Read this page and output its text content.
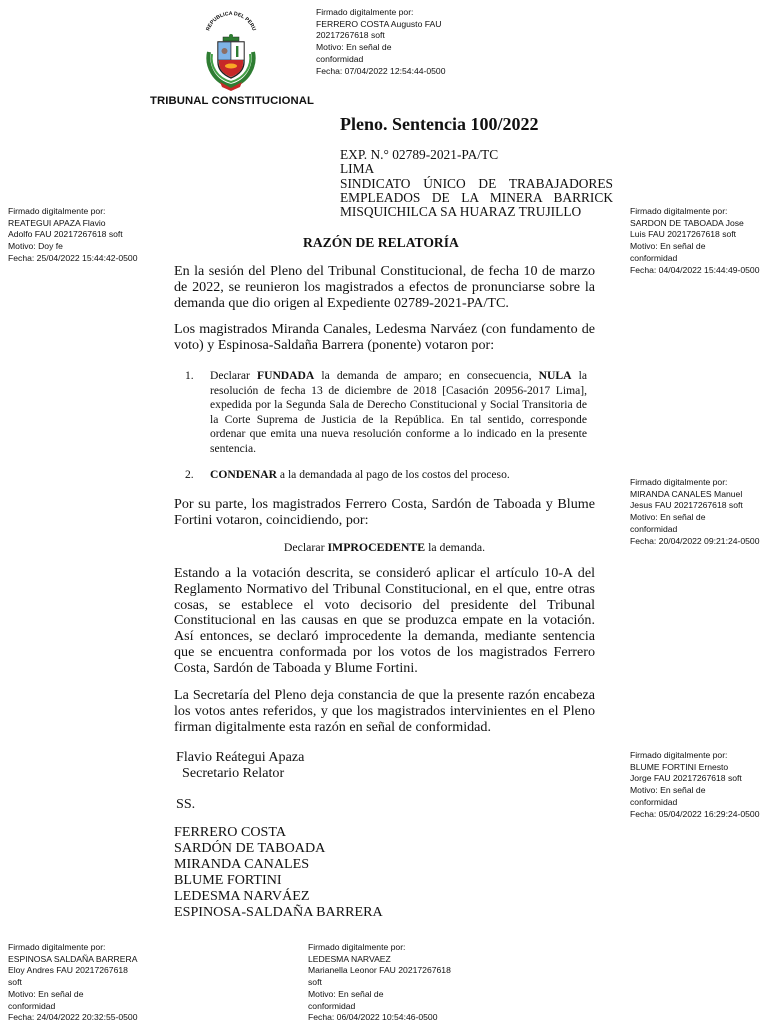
REPUBLICA DEL PERU
TRIBUNAL CONSTITUCIONAL
Firmado digitalmente por:
FERRERO COSTA Augusto FAU
20217267618 soft
Motivo: En señal de
conformidad
Fecha: 07/04/2022 12:54:44-0500
Firmado digitalmente por:
REATEGUI APAZA Flavio
Adolfo FAU 20217267618 soft
Motivo: Doy fe
Fecha: 25/04/2022 15:44:42-0500
Firmado digitalmente por:
SARDON DE TABOADA Jose
Luis FAU 20217267618 soft
Motivo: En señal de
conformidad
Fecha: 04/04/2022 15:44:49-0500
Firmado digitalmente por:
MIRANDA CANALES Manuel
Jesus FAU 20217267618 soft
Motivo: En señal de
conformidad
Fecha: 20/04/2022 09:21:24-0500
Firmado digitalmente por:
BLUME FORTINI Ernesto
Jorge FAU 20217267618 soft
Motivo: En señal de
conformidad
Fecha: 05/04/2022 16:29:24-0500
Firmado digitalmente por:
ESPINOSA SALDAÑA BARRERA
Eloy Andres FAU 20217267618
soft
Motivo: En señal de
conformidad
Fecha: 24/04/2022 20:32:55-0500
Firmado digitalmente por:
LEDESMA NARVAEZ
Marianella Leonor FAU 20217267618
soft
Motivo: En señal de
conformidad
Fecha: 06/04/2022 10:54:46-0500
Pleno. Sentencia 100/2022
EXP. N.° 02789-2021-PA/TC
LIMA
SINDICATO ÚNICO DE TRABAJADORES
EMPLEADOS DE LA MINERA BARRICK
MISQUICHILCA SA HUARAZ TRUJILLO
RAZÓN DE RELATORÍA

En la sesión del Pleno del Tribunal Constitucional, de fecha 10 de marzo de 2022, se reunieron los magistrados a efectos de pronunciarse sobre la demanda que dio origen al Expediente 02789-2021-PA/TC.

Los magistrados Miranda Canales, Ledesma Narváez (con fundamento de voto) y Espinosa-Saldaña Barrera (ponente) votaron por:

1. Declarar FUNDADA la demanda de amparo; en consecuencia, NULA la resolución de fecha 13 de diciembre de 2018 [Casación 20956-2017 Lima], expedida por la Segunda Sala de Derecho Constitucional y Social Transitoria de la Corte Suprema de Justicia de la República. En tal sentido, corresponde ordenar que emita una nueva resolución conforme a lo indicado en la presente sentencia.
2. CONDENAR a la demandada al pago de los costos del proceso.

Por su parte, los magistrados Ferrero Costa, Sardón de Taboada y Blume Fortini votaron, coincidiendo, por:

Declarar IMPROCEDENTE la demanda.

Estando a la votación descrita, se consideró aplicar el artículo 10-A del Reglamento Normativo del Tribunal Constitucional, en el que, entre otras cosas, se establece el voto decisorio del presidente del Tribunal Constitucional en las causas en que se produzca empate en la votación. Así entonces, se declaró improcedente la demanda, mediante sentencia que se encuentra conformada por los votos de los magistrados Ferrero Costa, Sardón de Taboada y Blume Fortini.

La Secretaría del Pleno deja constancia de que la presente razón encabeza los votos antes referidos, y que los magistrados intervinientes en el Pleno firman digitalmente esta razón en señal de conformidad.

Flavio Reátegui Apaza
Secretario Relator
SS.
FERRERO COSTA
SARDÓN DE TABOADA
MIRANDA CANALES
BLUME FORTINI
LEDESMA NARVÁEZ
ESPINOSA-SALDAÑA BARRERA
